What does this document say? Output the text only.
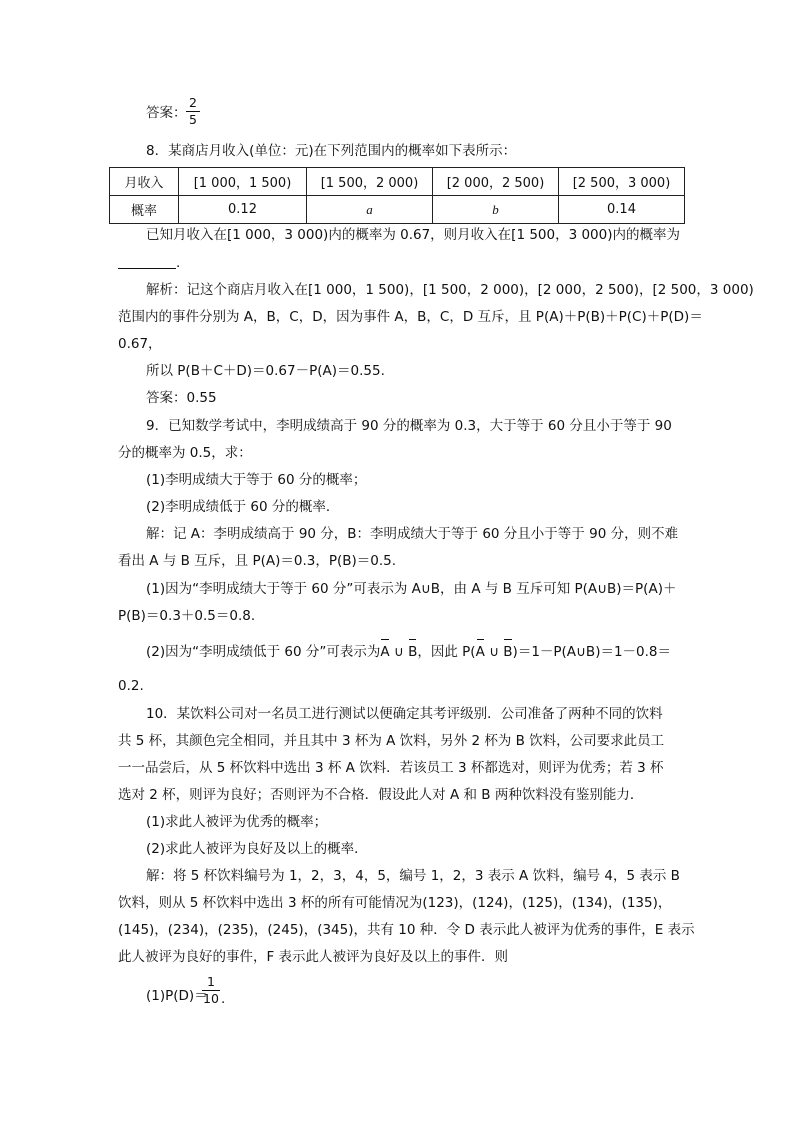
答案：
2
5
8．某商店月收入(单位：元)在下列范围内的概率如下表所示：
月收入	[1 000，1 500)	[1 500，2 000)	[2 000，2 500)	[2 500，3 000)
概率	0.12	a	b	0.14
已知月收入在[1 000，3 000)内的概率为 0.67，则月收入在[1 500，3 000)内的概率为
.
解析：记这个商店月收入在[1 000，1 500)，[1 500，2 000)，[2 000，2 500)，[2 500，3 000)
范围内的事件分别为 A，B，C，D，因为事件 A，B，C，D 互斥，且 P(A)＋P(B)＋P(C)＋P(D)＝
0.67，
所以 P(B＋C＋D)＝0.67－P(A)＝0.55.
答案：0.55
9．已知数学考试中，李明成绩高于 90 分的概率为 0.3，大于等于 60 分且小于等于 90
分的概率为 0.5，求：
(1)李明成绩大于等于 60 分的概率；
(2)李明成绩低于 60 分的概率．
解：记 A：李明成绩高于 90 分，B：李明成绩大于等于 60 分且小于等于 90 分，则不难
看出 A 与 B 互斥，且 P(A)＝0.3，P(B)＝0.5.
(1)因为“李明成绩大于等于 60 分”可表示为 A∪B，由 A 与 B 互斥可知 P(A∪B)＝P(A)＋
P(B)＝0.3＋0.5＝0.8.
(2)因为“李明成绩低于 60 分”可表示为A ∪ B，因此 P(A ∪ B)＝1－P(A∪B)＝1－0.8＝
0.2.
10．某饮料公司对一名员工进行测试以便确定其考评级别．公司准备了两种不同的饮料
共 5 杯，其颜色完全相同，并且其中 3 杯为 A 饮料，另外 2 杯为 B 饮料，公司要求此员工
一一品尝后，从 5 杯饮料中选出 3 杯 A 饮料．若该员工 3 杯都选对，则评为优秀；若 3 杯
选对 2 杯，则评为良好；否则评为不合格．假设此人对 A 和 B 两种饮料没有鉴别能力．
(1)求此人被评为优秀的概率；
(2)求此人被评为良好及以上的概率．
解：将 5 杯饮料编号为 1，2，3，4，5，编号 1，2，3 表示 A 饮料，编号 4，5 表示 B
饮料，则从 5 杯饮料中选出 3 杯的所有可能情况为(123)，(124)，(125)，(134)，(135)，
(145)，(234)，(235)，(245)，(345)，共有 10 种．令 D 表示此人被评为优秀的事件，E 表示
此人被评为良好的事件，F 表示此人被评为良好及以上的事件．则
(1)P(D)＝
1
10 .
